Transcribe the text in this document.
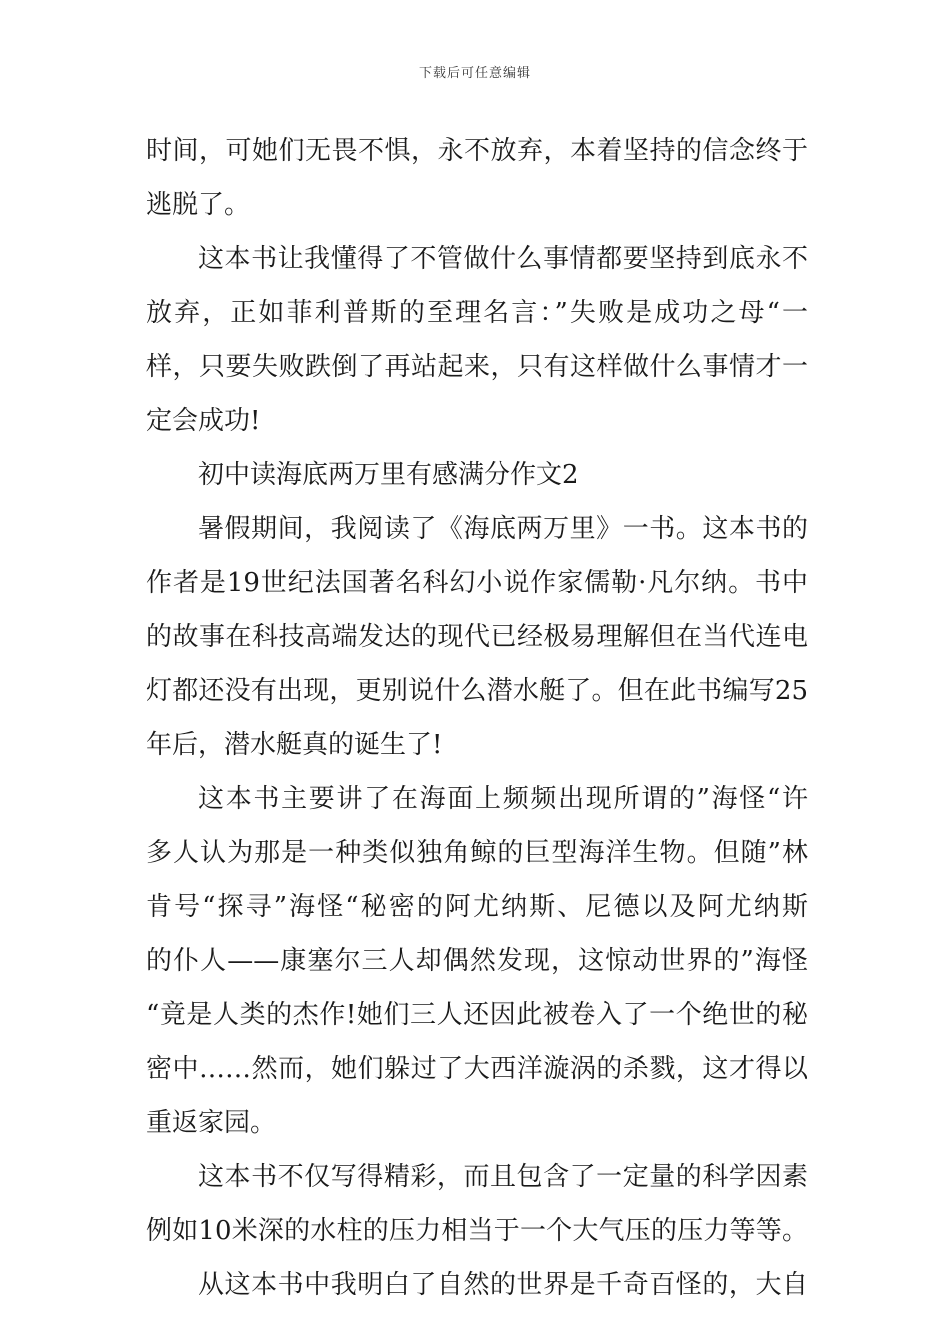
下载后可任意编辑
时间，可她们无畏不惧，永不放弃，本着坚持的信念终于
逃脱了。
这本书让我懂得了不管做什么事情都要坚持到底永不
放弃，正如菲利普斯的至理名言：”失败是成功之母“一
样，只要失败跌倒了再站起来，只有这样做什么事情才一
定会成功!
初中读海底两万里有感满分作文2
暑假期间，我阅读了《海底两万里》一书。这本书的
作者是19世纪法国著名科幻小说作家儒勒·凡尔纳。书中
的故事在科技高端发达的现代已经极易理解但在当代连电
灯都还没有出现，更别说什么潜水艇了。但在此书编写25
年后，潜水艇真的诞生了!
这本书主要讲了在海面上频频出现所谓的”海怪“许
多人认为那是一种类似独角鲸的巨型海洋生物。但随”林
肯号“探寻”海怪“秘密的阿尤纳斯、尼德以及阿尤纳斯
的仆人——康塞尔三人却偶然发现，这惊动世界的”海怪
“竟是人类的杰作!她们三人还因此被卷入了一个绝世的秘
密中……然而，她们躲过了大西洋漩涡的杀戮，这才得以
重返家园。
这本书不仅写得精彩，而且包含了一定量的科学因素
例如10米深的水柱的压力相当于一个大气压的压力等等。
从这本书中我明白了自然的世界是千奇百怪的，大自
